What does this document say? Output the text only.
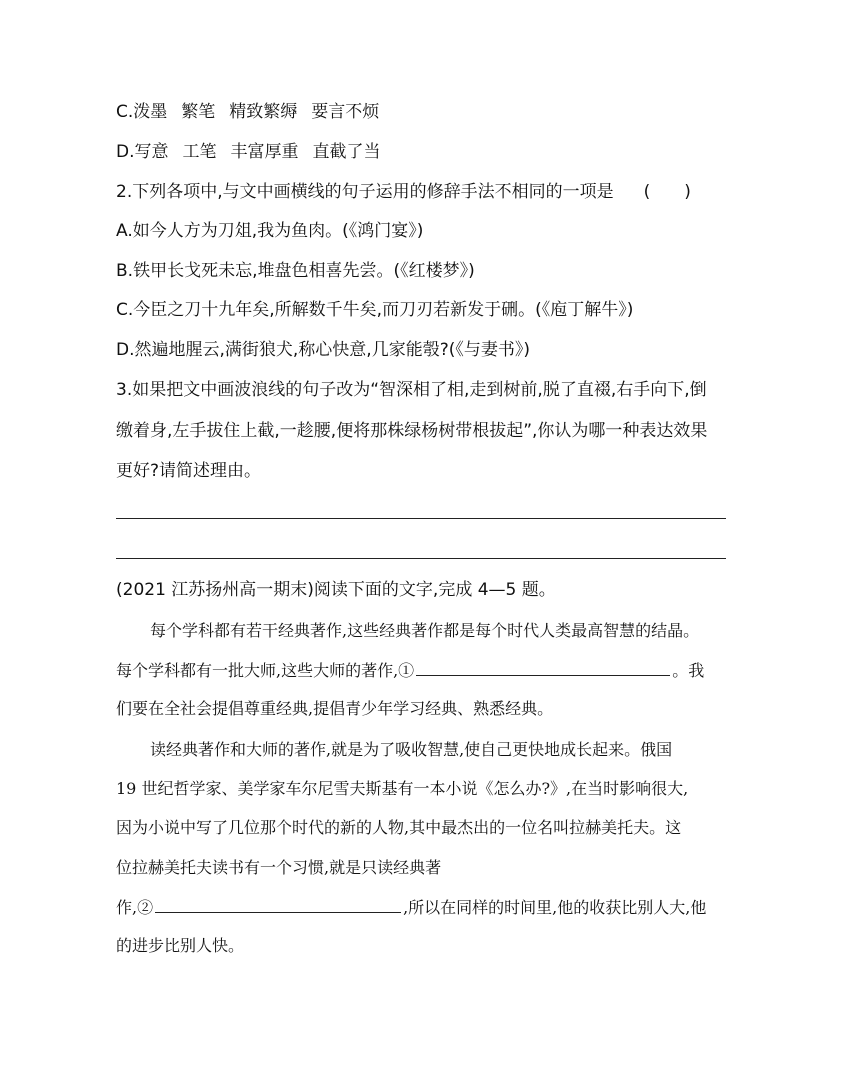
C.泼墨 繁笔 精致繁缛 要言不烦
D.写意 工笔 丰富厚重 直截了当
2.下列各项中,与文中画横线的句子运用的修辞手法不相同的一项是 (　　)
A.如今人方为刀俎,我为鱼肉。(《鸿门宴》)
B.铁甲长戈死未忘,堆盘色相喜先尝。(《红楼梦》)
C.今臣之刀十九年矣,所解数千牛矣,而刀刃若新发于硎。(《庖丁解牛》)
D.然遍地腥云,满街狼犬,称心快意,几家能彀?(《与妻书》)
3.如果把文中画波浪线的句子改为“智深相了相,走到树前,脱了直裰,右手向下,倒
缴着身,左手拔住上截,一趁腰,便将那株绿杨树带根拔起”,你认为哪一种表达效果
更好?请简述理由。
(2021 江苏扬州高一期末)阅读下面的文字,完成 4—5 题。
每个学科都有若干经典著作,这些经典著作都是每个时代人类最高智慧的结晶。
每个学科都有一批大师,这些大师的著作,①	。我
们要在全社会提倡尊重经典,提倡青少年学习经典、熟悉经典。
读经典著作和大师的著作,就是为了吸收智慧,使自己更快地成长起来。俄国
19 世纪哲学家、美学家车尔尼雪夫斯基有一本小说《怎么办?》,在当时影响很大,
因为小说中写了几位那个时代的新的人物,其中最杰出的一位名叫拉赫美托夫。这
位拉赫美托夫读书有一个习惯,就是只读经典著
作,②	,所以在同样的时间里,他的收获比别人大,他
的进步比别人快。
